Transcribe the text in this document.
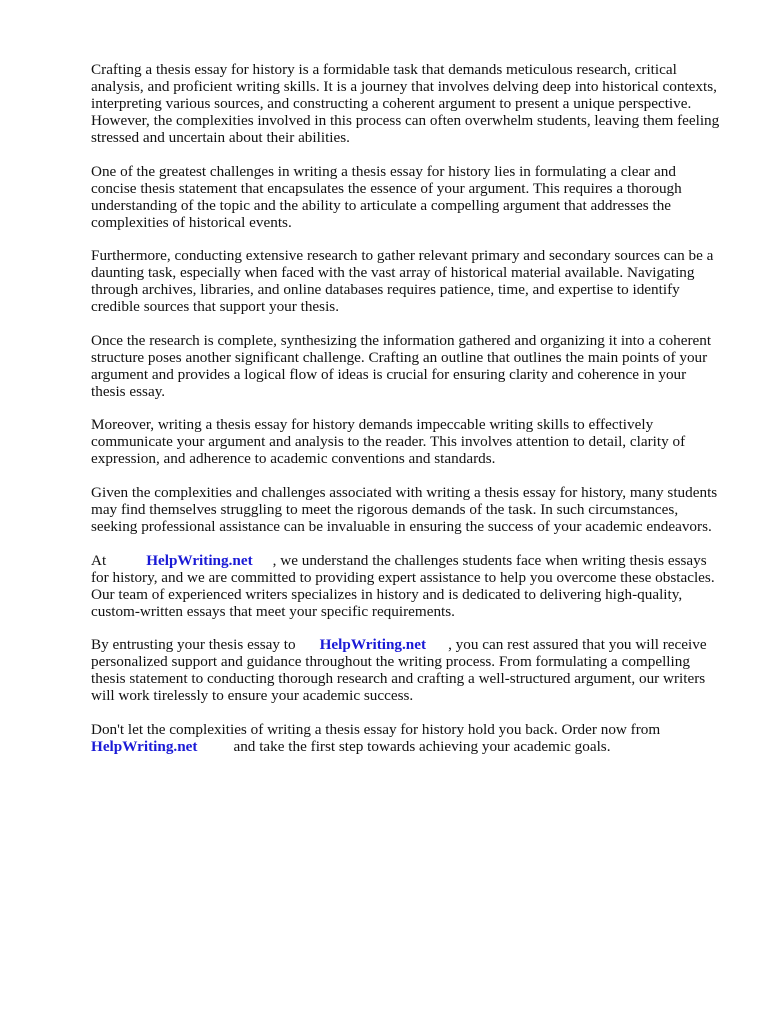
Crafting a thesis essay for history is a formidable task that demands meticulous research, critical analysis, and proficient writing skills. It is a journey that involves delving deep into historical contexts, interpreting various sources, and constructing a coherent argument to present a unique perspective. However, the complexities involved in this process can often overwhelm students, leaving them feeling stressed and uncertain about their abilities.

One of the greatest challenges in writing a thesis essay for history lies in formulating a clear and concise thesis statement that encapsulates the essence of your argument. This requires a thorough understanding of the topic and the ability to articulate a compelling argument that addresses the complexities of historical events.

Furthermore, conducting extensive research to gather relevant primary and secondary sources can be a daunting task, especially when faced with the vast array of historical material available. Navigating through archives, libraries, and online databases requires patience, time, and expertise to identify credible sources that support your thesis.

Once the research is complete, synthesizing the information gathered and organizing it into a coherent structure poses another significant challenge. Crafting an outline that outlines the main points of your argument and provides a logical flow of ideas is crucial for ensuring clarity and coherence in your thesis essay.

Moreover, writing a thesis essay for history demands impeccable writing skills to effectively communicate your argument and analysis to the reader. This involves attention to detail, clarity of expression, and adherence to academic conventions and standards.

Given the complexities and challenges associated with writing a thesis essay for history, many students may find themselves struggling to meet the rigorous demands of the task. In such circumstances, seeking professional assistance can be invaluable in ensuring the success of your academic endeavors.

At	HelpWriting.net , we understand the challenges students face when writing thesis essays for history, and we are committed to providing expert assistance to help you overcome these obstacles. Our team of experienced writers specializes in history and is dedicated to delivering high-quality, custom-written essays that meet your specific requirements.

By entrusting your thesis essay to HelpWriting.net , you can rest assured that you will receive personalized support and guidance throughout the writing process. From formulating a compelling thesis statement to conducting thorough research and crafting a well-structured argument, our writers will work tirelessly to ensure your academic success.

Don't let the complexities of writing a thesis essay for history hold you back. Order now from HelpWriting.net and take the first step towards achieving your academic goals.
